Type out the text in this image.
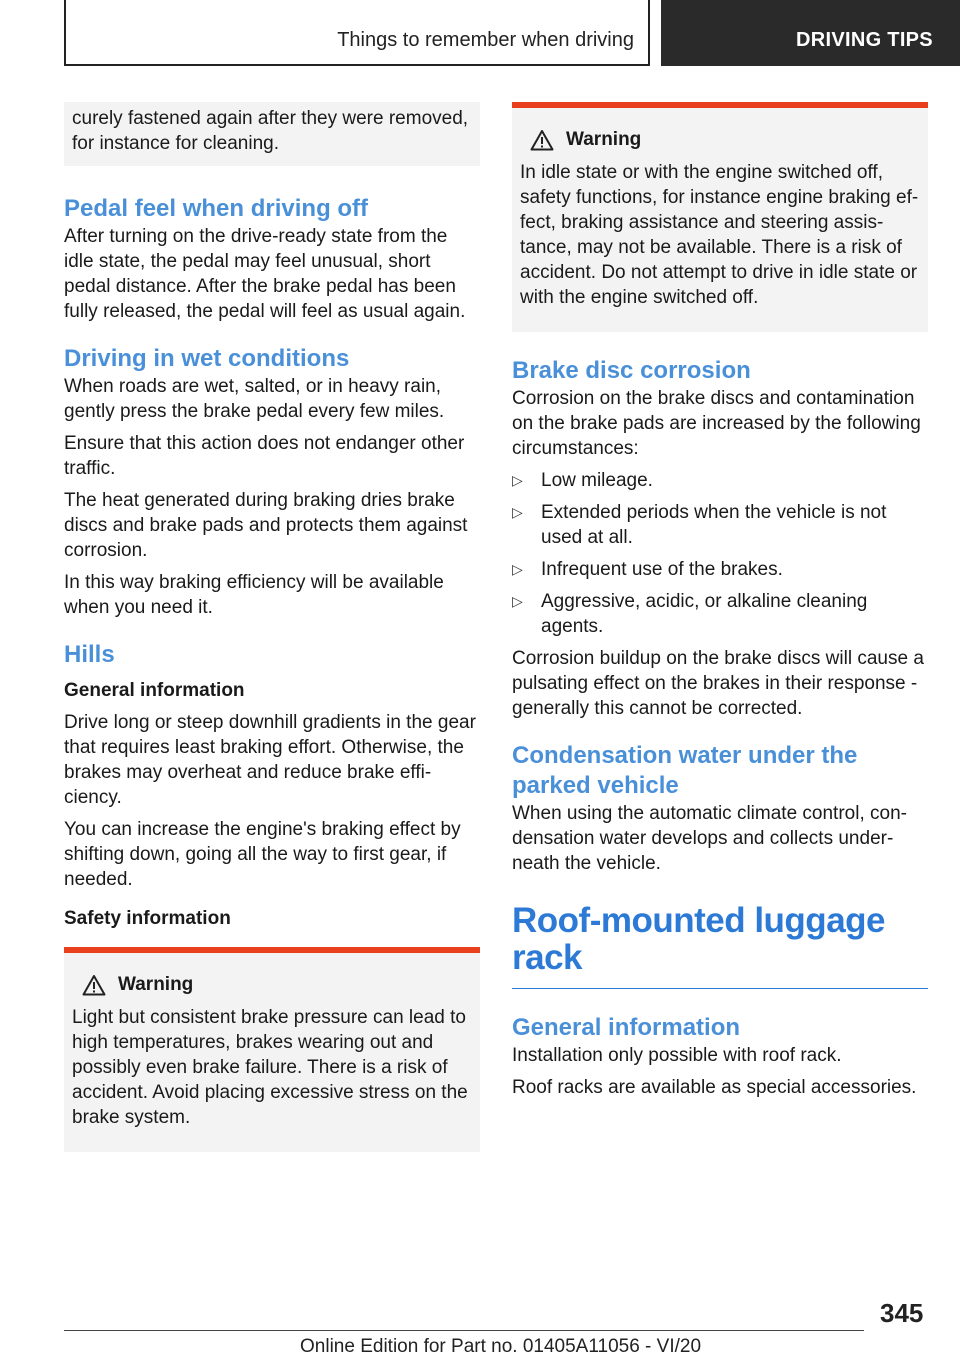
Things to remember when driving	DRIVING TIPS

curely fastened again after they were removed, for instance for cleaning.

Pedal feel when driving off

After turning on the drive-ready state from the idle state, the pedal may feel unusual, short pedal distance. After the brake pedal has been fully released, the pedal will feel as usual again.

Driving in wet conditions

When roads are wet, salted, or in heavy rain, gently press the brake pedal every few miles.

Ensure that this action does not endanger other traffic.

The heat generated during braking dries brake discs and brake pads and protects them against corrosion.

In this way braking efficiency will be available when you need it.

Hills
General information

Drive long or steep downhill gradients in the gear that requires least braking effort. Otherwise, the brakes may overheat and reduce brake efficiency.

You can increase the engine's braking effect by shifting down, going all the way to first gear, if needed.

Safety information
Warning

Light but consistent brake pressure can lead to high temperatures, brakes wearing out and possibly even brake failure. There is a risk of accident. Avoid placing excessive stress on the brake system.

Warning

In idle state or with the engine switched off, safety functions, for instance engine braking effect, braking assistance and steering assistance, may not be available. There is a risk of accident. Do not attempt to drive in idle state or with the engine switched off.

Brake disc corrosion

Corrosion on the brake discs and contamination on the brake pads are increased by the following circumstances:

▷ Low mileage.
▷ Extended periods when the vehicle is not used at all.
▷ Infrequent use of the brakes.
▷ Aggressive, acidic, or alkaline cleaning agents.

Corrosion buildup on the brake discs will cause a pulsating effect on the brakes in their response - generally this cannot be corrected.

Condensation water under the parked vehicle

When using the automatic climate control, condensation water develops and collects underneath the vehicle.

Roof-mounted luggage rack
General information

Installation only possible with roof rack.

Roof racks are available as special accessories.

345
Online Edition for Part no. 01405A11056 - VI/20
